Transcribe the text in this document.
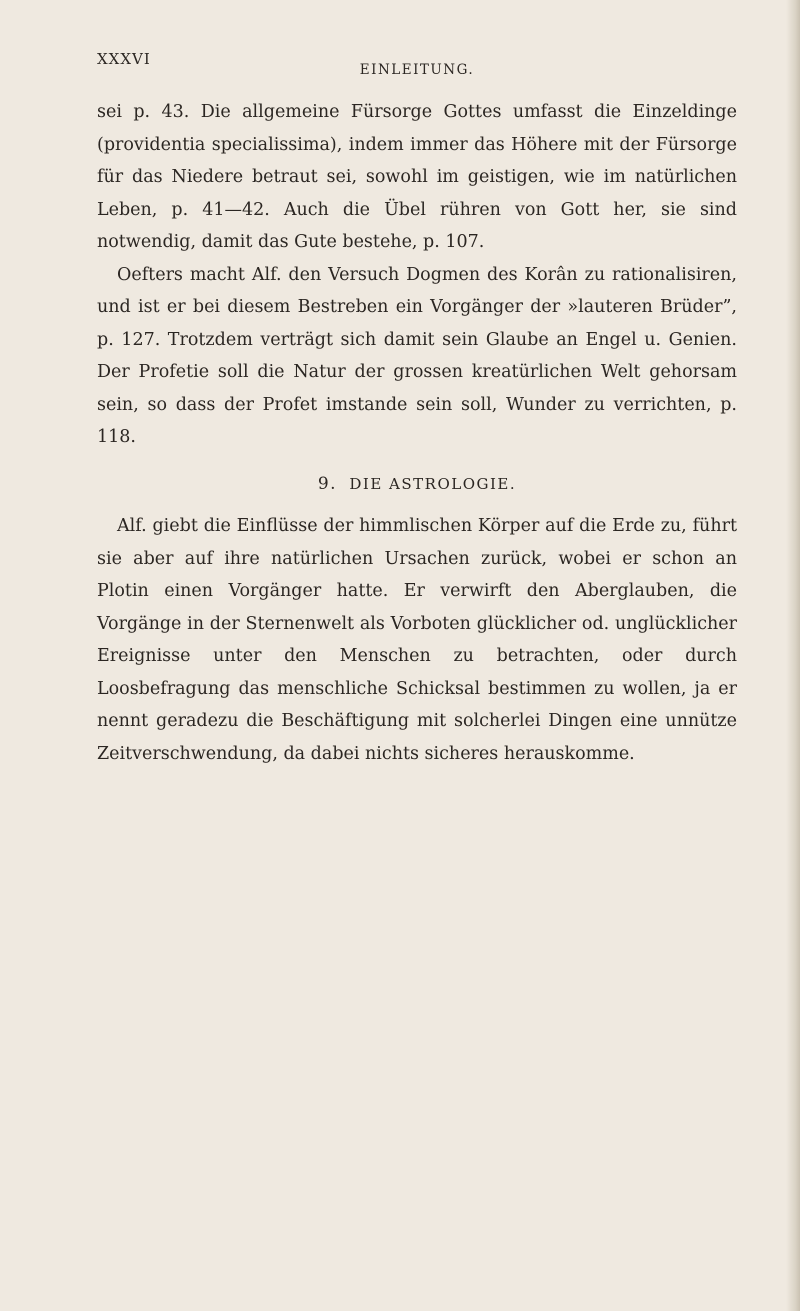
XXXVI
EINLEITUNG.

sei p. 43. Die allgemeine Fürsorge Gottes umfasst die Einzeldinge (providentia specialissima), indem immer das Höhere mit der Fürsorge für das Niedere betraut sei, sowohl im geistigen, wie im natürlichen Leben, p. 41—42. Auch die Übel rühren von Gott her, sie sind notwendig, damit das Gute bestehe, p. 107.

Oefters macht Alf. den Versuch Dogmen des Korân zu rationalisiren, und ist er bei diesem Bestreben ein Vorgänger der »lauteren Brüder”, p. 127. Trotzdem verträgt sich damit sein Glaube an Engel u. Genien. Der Profetie soll die Natur der grossen kreatürlichen Welt gehorsam sein, so dass der Profet imstande sein soll, Wunder zu verrichten, p. 118.

9. DIE ASTROLOGIE.

Alf. giebt die Einflüsse der himmlischen Körper auf die Erde zu, führt sie aber auf ihre natürlichen Ursachen zurück, wobei er schon an Plotin einen Vorgänger hatte. Er verwirft den Aberglauben, die Vorgänge in der Sternenwelt als Vorboten glücklicher od. unglücklicher Ereignisse unter den Menschen zu betrachten, oder durch Loosbefragung das menschliche Schicksal bestimmen zu wollen, ja er nennt geradezu die Beschäftigung mit solcherlei Dingen eine unnütze Zeitverschwendung, da dabei nichts sicheres herauskomme.
